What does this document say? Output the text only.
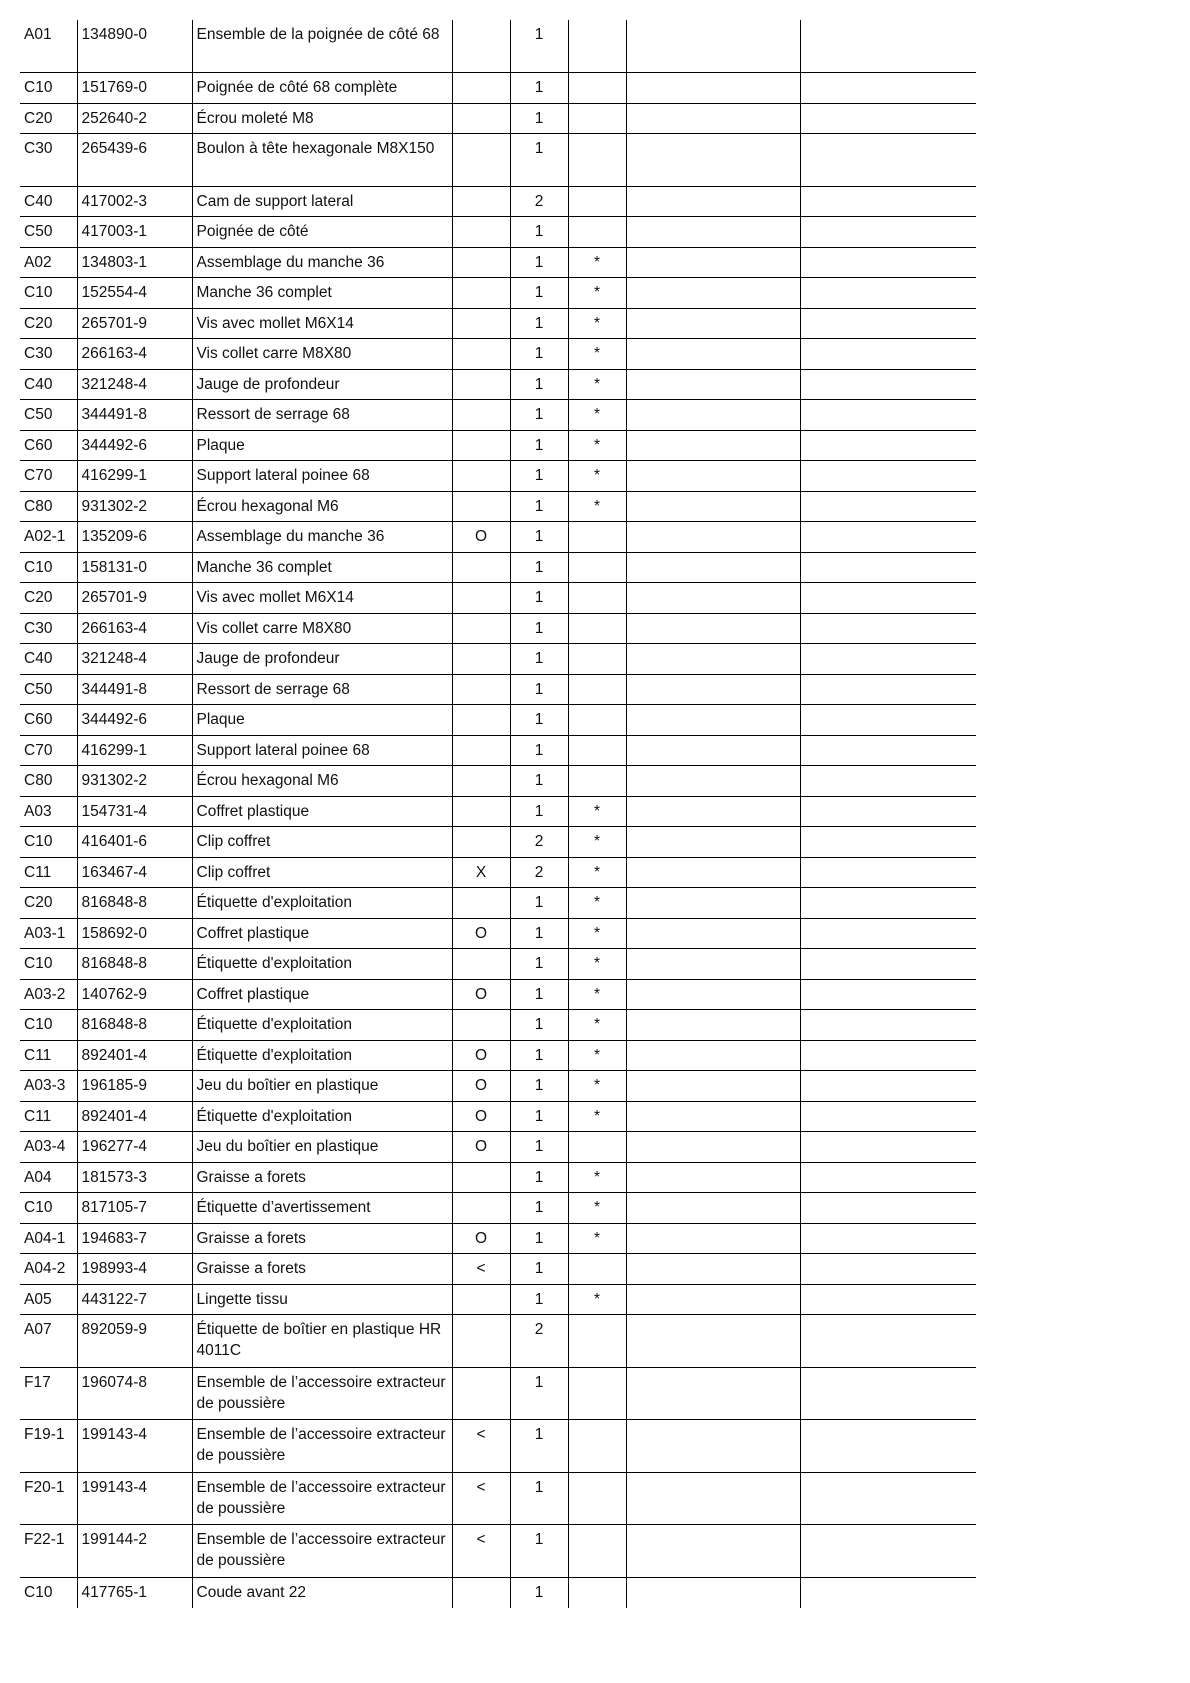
A01	134890-0	Ensemble de la poignée de côté 68		1			
C10	151769-0	Poignée de côté 68 complète		1			
C20	252640-2	Écrou moleté M8		1			
C30	265439-6	Boulon à tête hexagonale M8X150		1			
C40	417002-3	Cam de support lateral		2			
C50	417003-1	Poignée de côté		1			
A02	134803-1	Assemblage du manche 36		1	*		
C10	152554-4	Manche 36 complet		1	*		
C20	265701-9	Vis avec mollet M6X14		1	*		
C30	266163-4	Vis collet carre M8X80		1	*		
C40	321248-4	Jauge de profondeur		1	*		
C50	344491-8	Ressort de serrage 68		1	*		
C60	344492-6	Plaque		1	*		
C70	416299-1	Support lateral poinee 68		1	*		
C80	931302-2	Écrou hexagonal M6		1	*		
A02-1	135209-6	Assemblage du manche 36	O	1			
C10	158131-0	Manche 36 complet		1			
C20	265701-9	Vis avec mollet M6X14		1			
C30	266163-4	Vis collet carre M8X80		1			
C40	321248-4	Jauge de profondeur		1			
C50	344491-8	Ressort de serrage 68		1			
C60	344492-6	Plaque		1			
C70	416299-1	Support lateral poinee 68		1			
C80	931302-2	Écrou hexagonal M6		1			
A03	154731-4	Coffret plastique		1	*		
C10	416401-6	Clip coffret		2	*		
C11	163467-4	Clip coffret	X	2	*		
C20	816848-8	Étiquette d'exploitation		1	*		
A03-1	158692-0	Coffret plastique	O	1	*		
C10	816848-8	Étiquette d'exploitation		1	*		
A03-2	140762-9	Coffret plastique	O	1	*		
C10	816848-8	Étiquette d'exploitation		1	*		
C11	892401-4	Étiquette d'exploitation	O	1	*		
A03-3	196185-9	Jeu du boîtier en plastique	O	1	*		
C11	892401-4	Étiquette d'exploitation	O	1	*		
A03-4	196277-4	Jeu du boîtier en plastique	O	1			
A04	181573-3	Graisse a forets		1	*		
C10	817105-7	Étiquette d’avertissement		1	*		
A04-1	194683-7	Graisse a forets	O	1	*		
A04-2	198993-4	Graisse a forets	<	1			
A05	443122-7	Lingette tissu		1	*		
A07	892059-9	Étiquette de boîtier en plastique HR4011C		2			
F17	196074-8	Ensemble de l’accessoire extracteur de poussière		1			
F19-1	199143-4	Ensemble de l’accessoire extracteur de poussière	<	1			
F20-1	199143-4	Ensemble de l’accessoire extracteur de poussière	<	1			
F22-1	199144-2	Ensemble de l’accessoire extracteur de poussière	<	1			
C10	417765-1	Coude avant 22		1			
